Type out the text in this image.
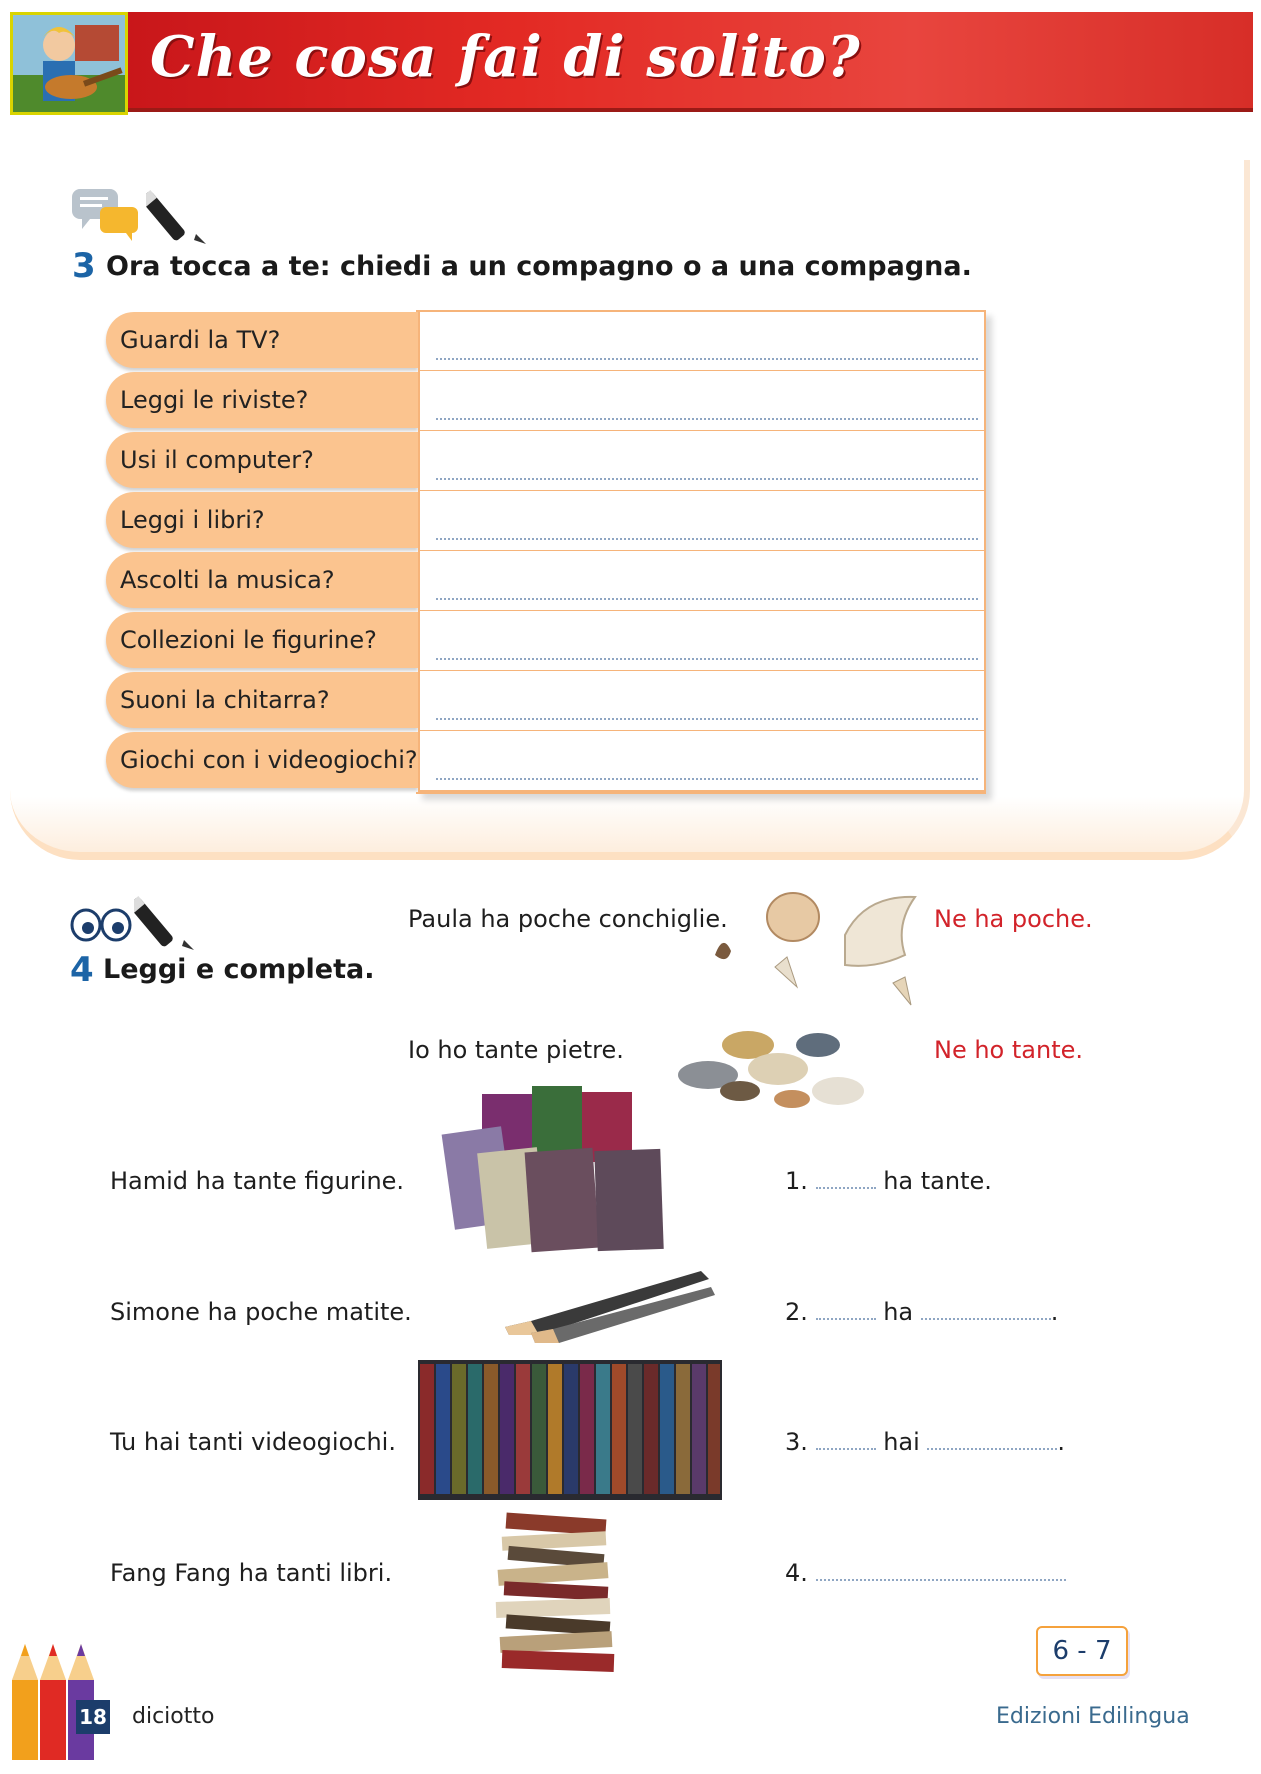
Che cosa fai di solito?
3 Ora tocca a te: chiedi a un compagno o a una compagna.
Guardi la TV?
Leggi le riviste?
Usi il computer?
Leggi i libri?
Ascolti la musica?
Collezioni le figurine?
Suoni la chitarra?
Giochi con i videogiochi?
4 Leggi e completa.
Paula ha poche conchiglie.	Ne ha poche.
Io ho tante pietre.	Ne ho tante.
Hamid ha tante figurine.	1.	ha tante.
Simone ha poche matite.	2.	ha	.
Tu hai tanti videogiochi.	3.	hai	.
Fang Fang ha tanti libri.	4.
18 diciotto
6 - 7
Edizioni Edilingua
